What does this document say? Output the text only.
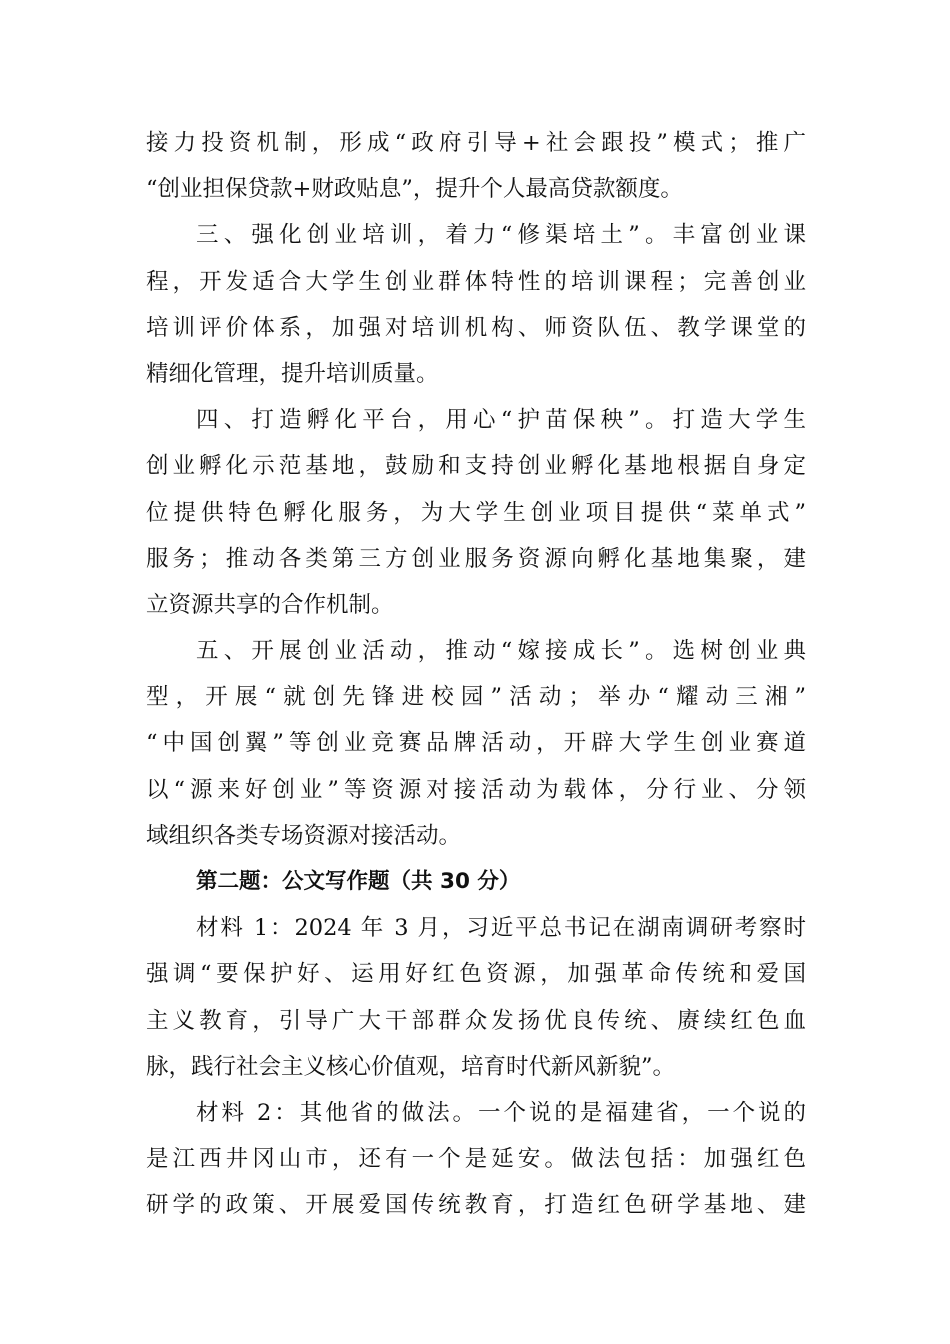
接力投资机制，形成“政府引导+社会跟投”模式；推广
“创业担保贷款+财政贴息”，提升个人最高贷款额度。
三、强化创业培训，着力“修渠培土”。丰富创业课
程，开发适合大学生创业群体特性的培训课程；完善创业
培训评价体系，加强对培训机构、师资队伍、教学课堂的
精细化管理，提升培训质量。
四、打造孵化平台，用心“护苗保秧”。打造大学生
创业孵化示范基地，鼓励和支持创业孵化基地根据自身定
位提供特色孵化服务，为大学生创业项目提供“菜单式”
服务；推动各类第三方创业服务资源向孵化基地集聚，建
立资源共享的合作机制。
五、开展创业活动，推动“嫁接成长”。选树创业典
型，开展“就创先锋进校园”活动；举办“耀动三湘”
“中国创翼”等创业竞赛品牌活动，开辟大学生创业赛道
以“源来好创业”等资源对接活动为载体，分行业、分领
域组织各类专场资源对接活动。
第二题：公文写作题（共 30 分）
材料 1：2024 年 3 月，习近平总书记在湖南调研考察时
强调“要保护好、运用好红色资源，加强革命传统和爱国
主义教育，引导广大干部群众发扬优良传统、赓续红色血
脉，践行社会主义核心价值观，培育时代新风新貌”。
材料 2：其他省的做法。一个说的是福建省，一个说的
是江西井冈山市，还有一个是延安。做法包括：加强红色
研学的政策、开展爱国传统教育，打造红色研学基地、建
